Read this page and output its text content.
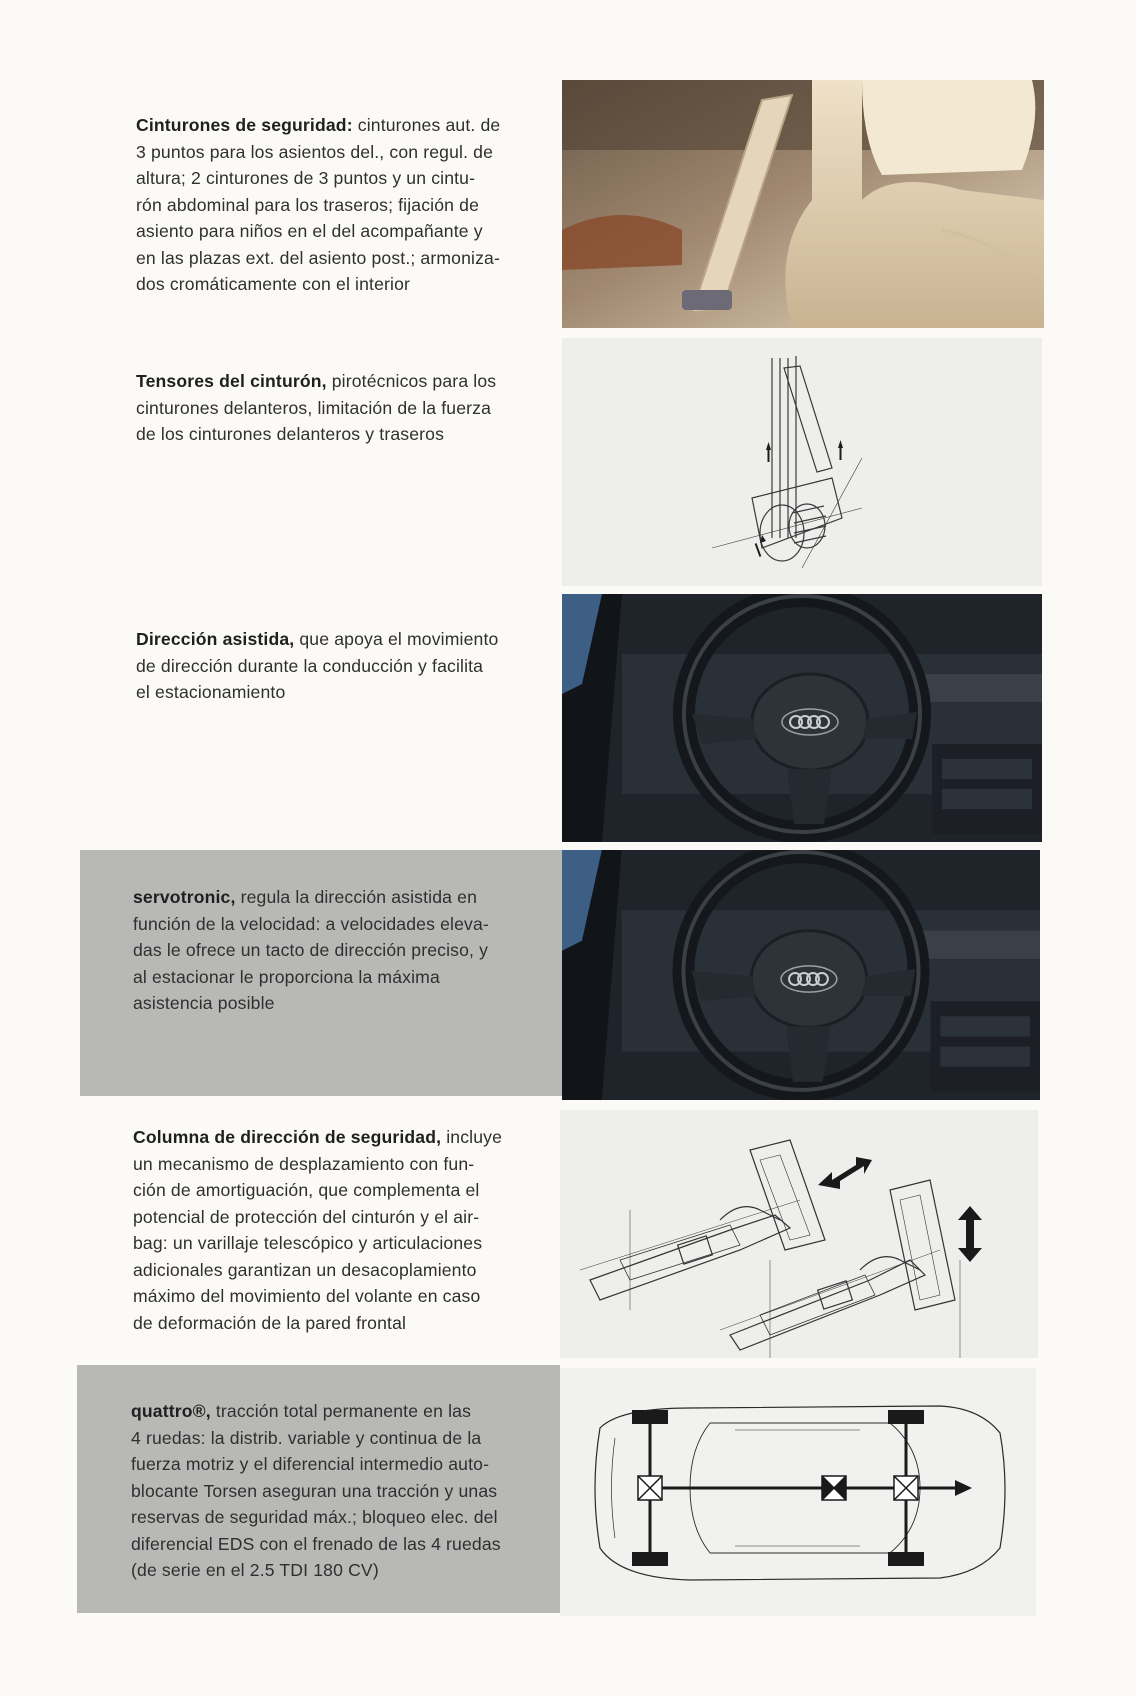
Cinturones de seguridad: cinturones aut. de
3 puntos para los asientos del., con regul. de
altura; 2 cinturones de 3 puntos y un cintu-
rón abdominal para los traseros; fijación de
asiento para niños en el del acompañante y
en las plazas ext. del asiento post.; armoniza-
dos cromáticamente con el interior
Tensores del cinturón, pirotécnicos para los
cinturones delanteros, limitación de la fuerza
de los cinturones delanteros y traseros
Dirección asistida, que apoya el movimiento
de dirección durante la conducción y facilita
el estacionamiento
servotronic, regula la dirección asistida en
función de la velocidad: a velocidades eleva-
das le ofrece un tacto de dirección preciso, y
al estacionar le proporciona la máxima
asistencia posible
Columna de dirección de seguridad, incluye
un mecanismo de desplazamiento con fun-
ción de amortiguación, que complementa el
potencial de protección del cinturón y el air-
bag: un varillaje telescópico y articulaciones
adicionales garantizan un desacoplamiento
máximo del movimiento del volante en caso
de deformación de la pared frontal
quattro®, tracción total permanente en las
4 ruedas: la distrib. variable y continua de la
fuerza motriz y el diferencial intermedio auto-
blocante Torsen aseguran una tracción y unas
reservas de seguridad máx.; bloqueo elec. del
diferencial EDS con el frenado de las 4 ruedas
(de serie en el 2.5 TDI 180 CV)
